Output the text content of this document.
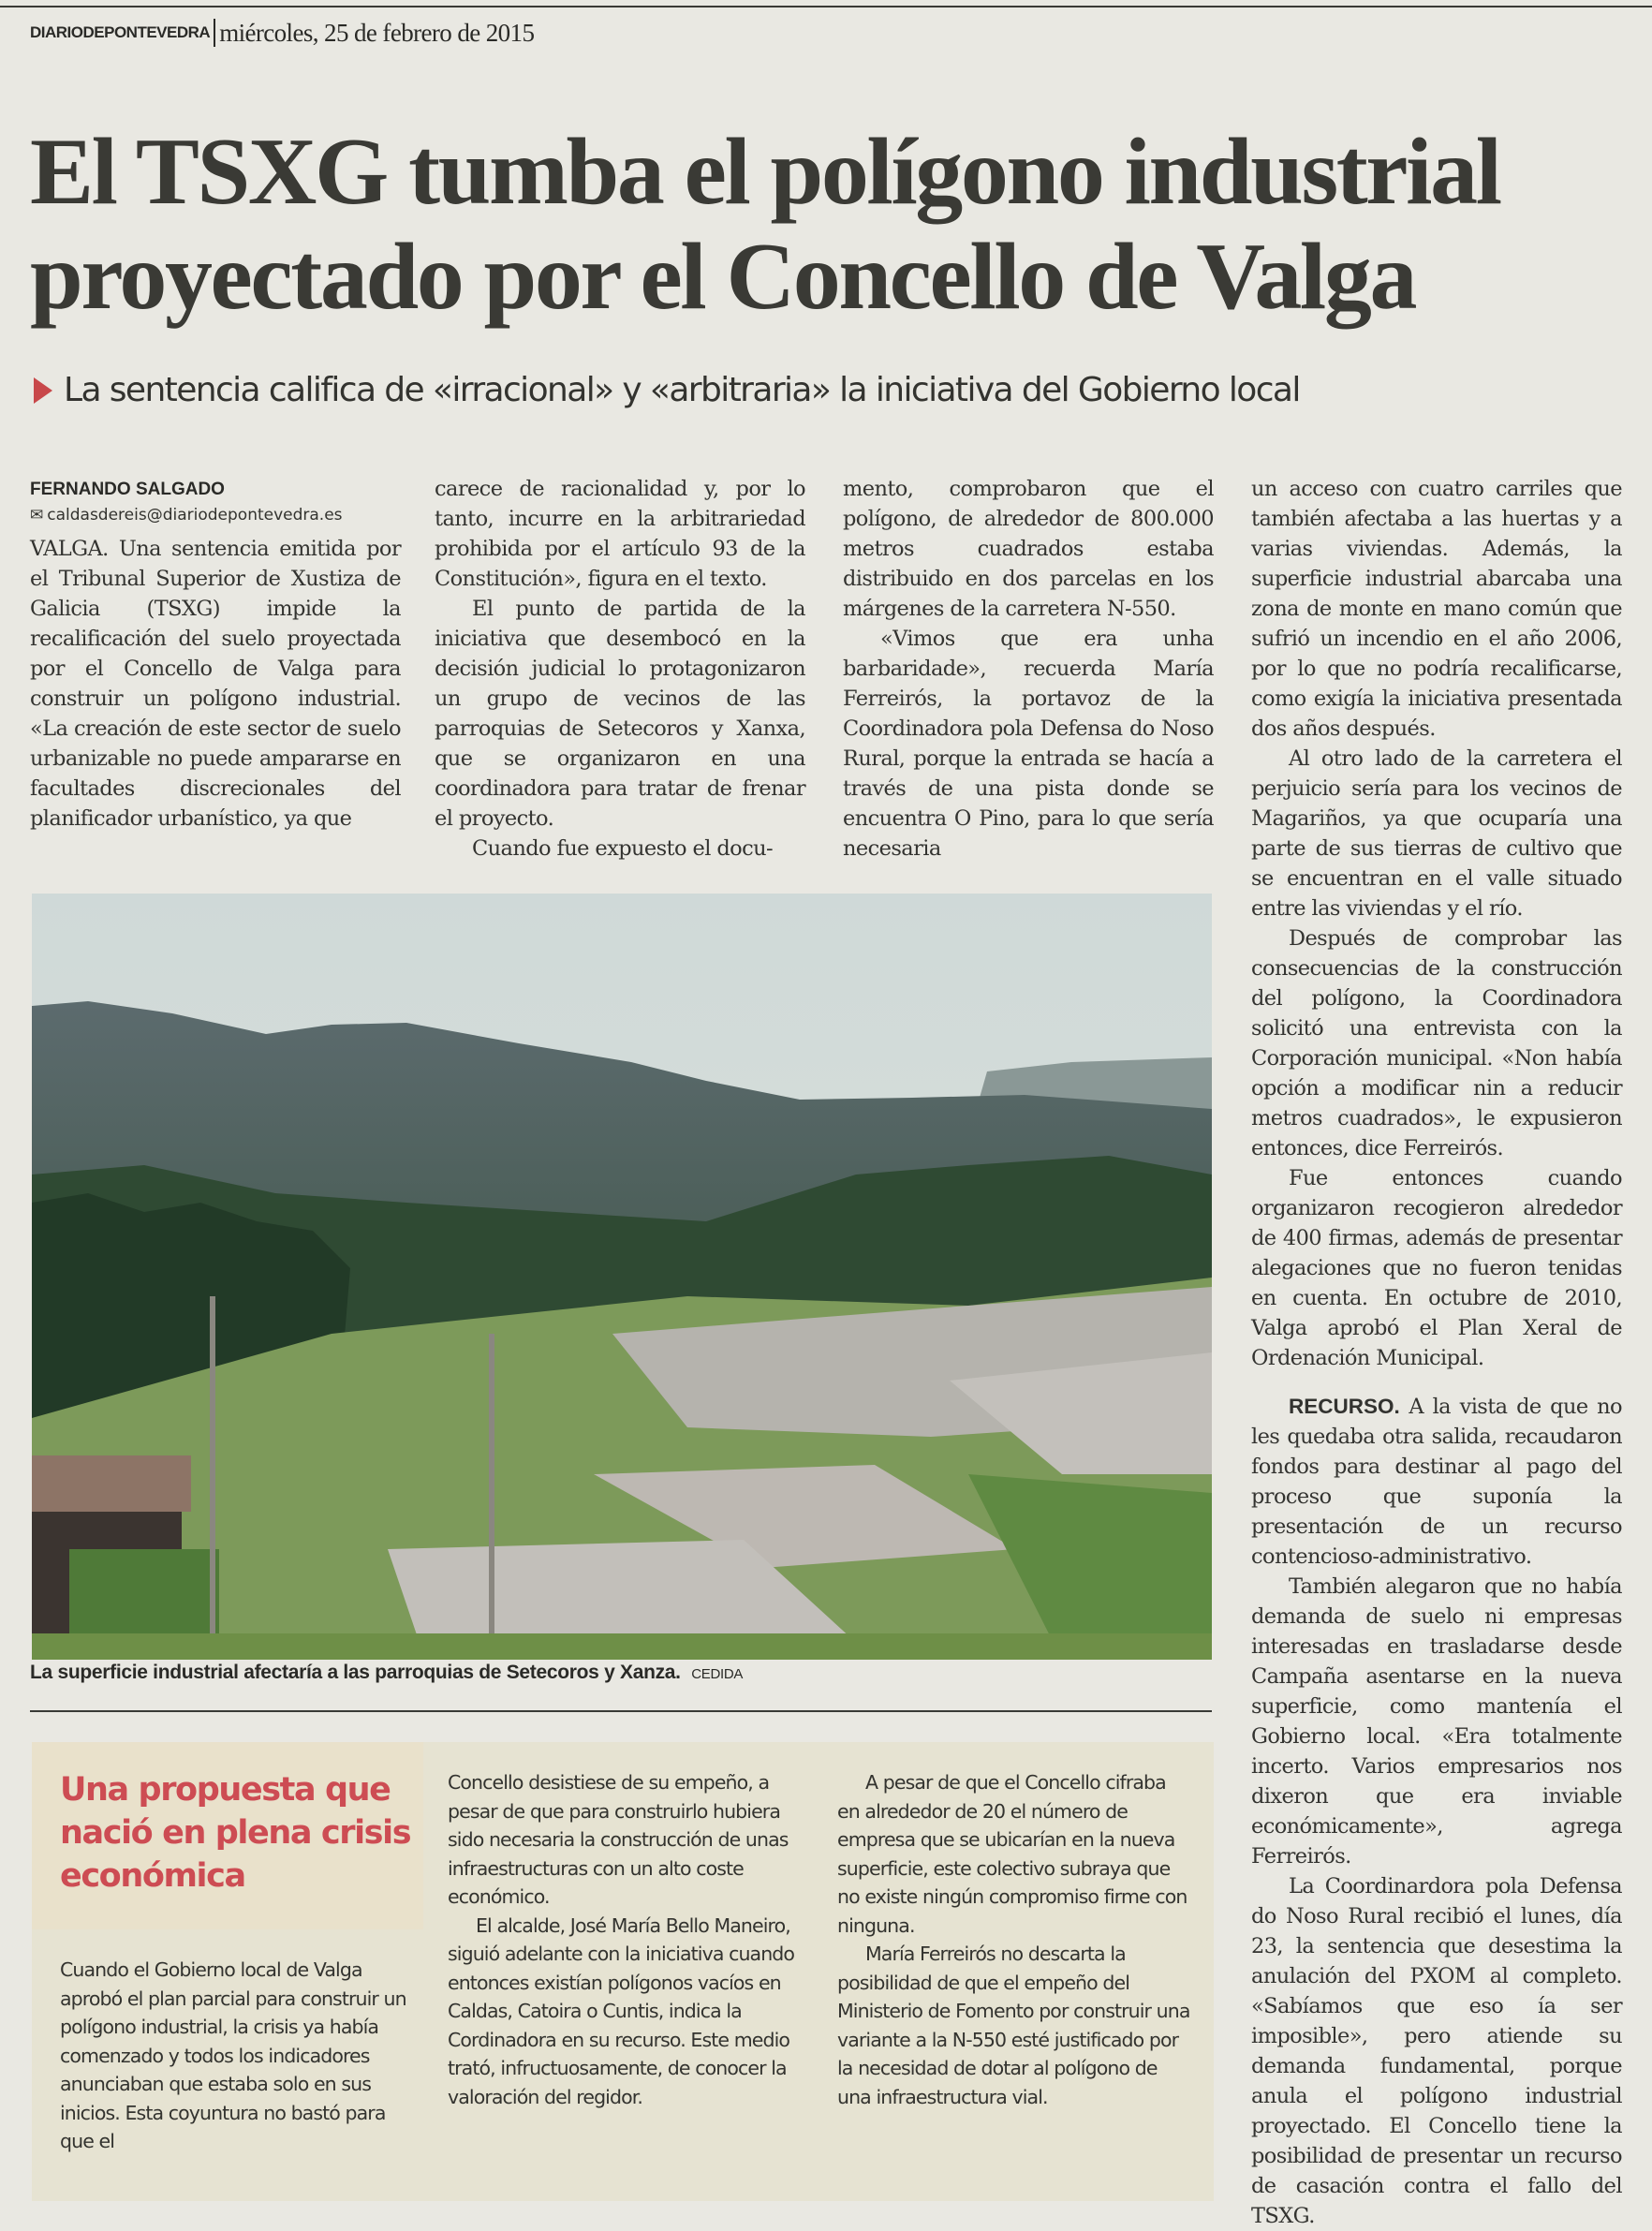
DIARIODEPONTEVEDRA miércoles, 25 de febrero de 2015
El TSXG tumba el polígono industrial proyectado por el Concello de Valga
La sentencia califica de «irracional» y «arbitraria» la iniciativa del Gobierno local
FERNANDO SALGADO
✉ caldasdereis@diariodepontevedra.es

VALGA. Una sentencia emitida por el Tribunal Superior de Xustiza de Galicia (TSXG) impide la recalificación del suelo proyectada por el Concello de Valga para construir un polígono industrial. «La creación de este sector de suelo urbanizable no puede ampararse en facultades discrecionales del planificador urbanístico, ya que

carece de racionalidad y, por lo tanto, incurre en la arbitrariedad prohibida por el artículo 93 de la Constitución», figura en el texto.

El punto de partida de la iniciativa que desembocó en la decisión judicial lo protagonizaron un grupo de vecinos de las parroquias de Setecoros y Xanxa, que se organizaron en una coordinadora para tratar de frenar el proyecto.

Cuando fue expuesto el docu-

mento, comprobaron que el polígono, de alrededor de 800.000 metros cuadrados estaba distribuido en dos parcelas en los márgenes de la carretera N-550.

«Vimos que era unha barbaridade», recuerda María Ferreirós, la portavoz de la Coordinadora pola Defensa do Noso Rural, porque la entrada se hacía a través de una pista donde se encuentra O Pino, para lo que sería necesaria

un acceso con cuatro carriles que también afectaba a las huertas y a varias viviendas. Además, la superficie industrial abarcaba una zona de monte en mano común que sufrió un incendio en el año 2006, por lo que no podría recalificarse, como exigía la iniciativa presentada dos años después.

Al otro lado de la carretera el perjuicio sería para los vecinos de Magariños, ya que ocuparía una parte de sus tierras de cultivo que se encuentran en el valle situado entre las viviendas y el río.

Después de comprobar las consecuencias de la construcción del polígono, la Coordinadora solicitó una entrevista con la Corporación municipal. «Non había opción a modificar nin a reducir metros cuadrados», le expusieron entonces, dice Ferreirós.

Fue entonces cuando organizaron recogieron alrededor de 400 firmas, además de presentar alegaciones que no fueron tenidas en cuenta. En octubre de 2010, Valga aprobó el Plan Xeral de Ordenación Municipal.

RECURSO. A la vista de que no les quedaba otra salida, recaudaron fondos para destinar al pago del proceso que suponía la presentación de un recurso contencioso-administrativo.

También alegaron que no había demanda de suelo ni empresas interesadas en trasladarse desde Campaña asentarse en la nueva superficie, como mantenía el Gobierno local. «Era totalmente incerto. Varios empresarios nos dixeron que era inviable económicamente», agrega Ferreirós.

La Coordinardora pola Defensa do Noso Rural recibió el lunes, día 23, la sentencia que desestima la anulación del PXOM al completo. «Sabíamos que eso ía ser imposible», pero atiende su demanda fundamental, porque anula el polígono industrial proyectado. El Concello tiene la posibilidad de presentar un recurso de casación contra el fallo del TSXG.

La superficie industrial afectaría a las parroquias de Setecoros y Xanza. CEDIDA
Una propuesta que nació en plena crisis económica

Cuando el Gobierno local de Valga aprobó el plan parcial para construir un polígono industrial, la crisis ya había comenzado y todos los indicadores anunciaban que estaba solo en sus inicios. Esta coyuntura no bastó para que el

Concello desistiese de su empeño, a pesar de que para construirlo hubiera sido necesaria la construcción de unas infraestructuras con un alto coste económico.

El alcalde, José María Bello Maneiro, siguió adelante con la iniciativa cuando entonces existían polígonos vacíos en Caldas, Catoira o Cuntis, indica la Cordinadora en su recurso. Este medio trató, infructuosamente, de conocer la valoración del regidor.

A pesar de que el Concello cifraba en alrededor de 20 el número de empresa que se ubicarían en la nueva superficie, este colectivo subraya que no existe ningún compromiso firme con ninguna.

María Ferreirós no descarta la posibilidad de que el empeño del Ministerio de Fomento por construir una variante a la N-550 esté justificado por la necesidad de dotar al polígono de una infraestructura vial.
